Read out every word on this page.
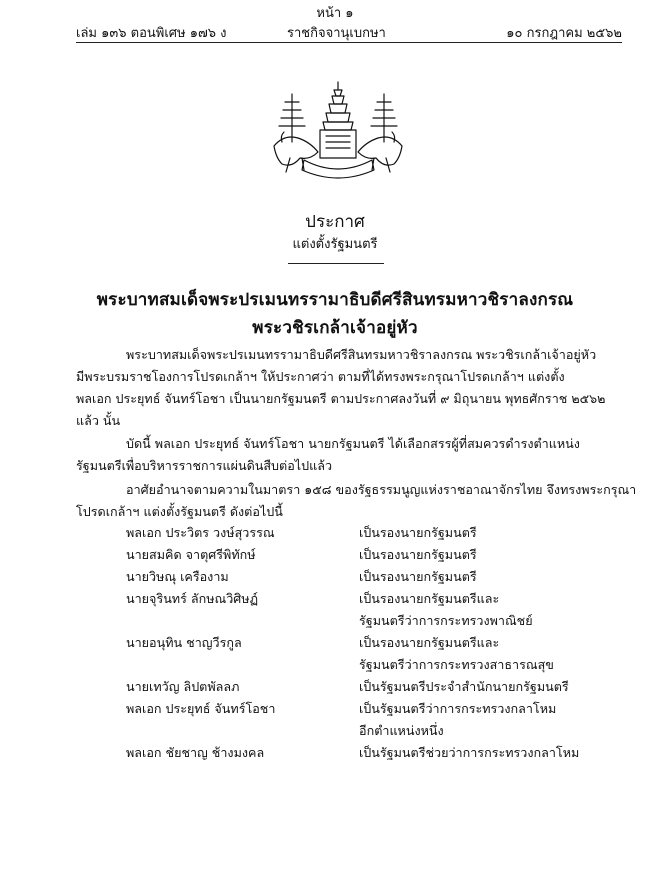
หน้า ๑
เล่ม ๑๓๖ ตอนพิเศษ ๑๗๖ ง	ราชกิจจานุเบกษา	๑๐ กรกฎาคม ๒๕๖๒
ประกาศ
แต่งตั้งรัฐมนตรี
พระบาทสมเด็จพระปรเมนทรรามาธิบดีศรีสินทรมหาวชิราลงกรณ
พระวชิรเกล้าเจ้าอยู่หัว
พระบาทสมเด็จพระปรเมนทรรามาธิบดีศรีสินทรมหาวชิราลงกรณ พระวชิรเกล้าเจ้าอยู่หัว
มีพระบรมราชโองการโปรดเกล้าฯ ให้ประกาศว่า ตามที่ได้ทรงพระกรุณาโปรดเกล้าฯ แต่งตั้ง
พลเอก ประยุทธ์ จันทร์โอชา เป็นนายกรัฐมนตรี ตามประกาศลงวันที่ ๙ มิถุนายน พุทธศักราช ๒๕๖๒
แล้ว นั้น
บัดนี้ พลเอก ประยุทธ์ จันทร์โอชา นายกรัฐมนตรี ได้เลือกสรรผู้ที่สมควรดำรงตำแหน่ง
รัฐมนตรีเพื่อบริหารราชการแผ่นดินสืบต่อไปแล้ว
อาศัยอำนาจตามความในมาตรา ๑๕๘ ของรัฐธรรมนูญแห่งราชอาณาจักรไทย จึงทรงพระกรุณา
โปรดเกล้าฯ แต่งตั้งรัฐมนตรี ดังต่อไปนี้
พลเอก ประวิตร วงษ์สุวรรณ	เป็นรองนายกรัฐมนตรี
นายสมคิด จาตุศรีพิทักษ์	เป็นรองนายกรัฐมนตรี
นายวิษณุ เครืองาม	เป็นรองนายกรัฐมนตรี
นายจุรินทร์ ลักษณวิศิษฏ์	เป็นรองนายกรัฐมนตรีและ
รัฐมนตรีว่าการกระทรวงพาณิชย์
นายอนุทิน ชาญวีรกูล	เป็นรองนายกรัฐมนตรีและ
รัฐมนตรีว่าการกระทรวงสาธารณสุข
นายเทวัญ ลิปตพัลลภ	เป็นรัฐมนตรีประจำสำนักนายกรัฐมนตรี
พลเอก ประยุทธ์ จันทร์โอชา	เป็นรัฐมนตรีว่าการกระทรวงกลาโหม
อีกตำแหน่งหนึ่ง
พลเอก ชัยชาญ ช้างมงคล	เป็นรัฐมนตรีช่วยว่าการกระทรวงกลาโหม
